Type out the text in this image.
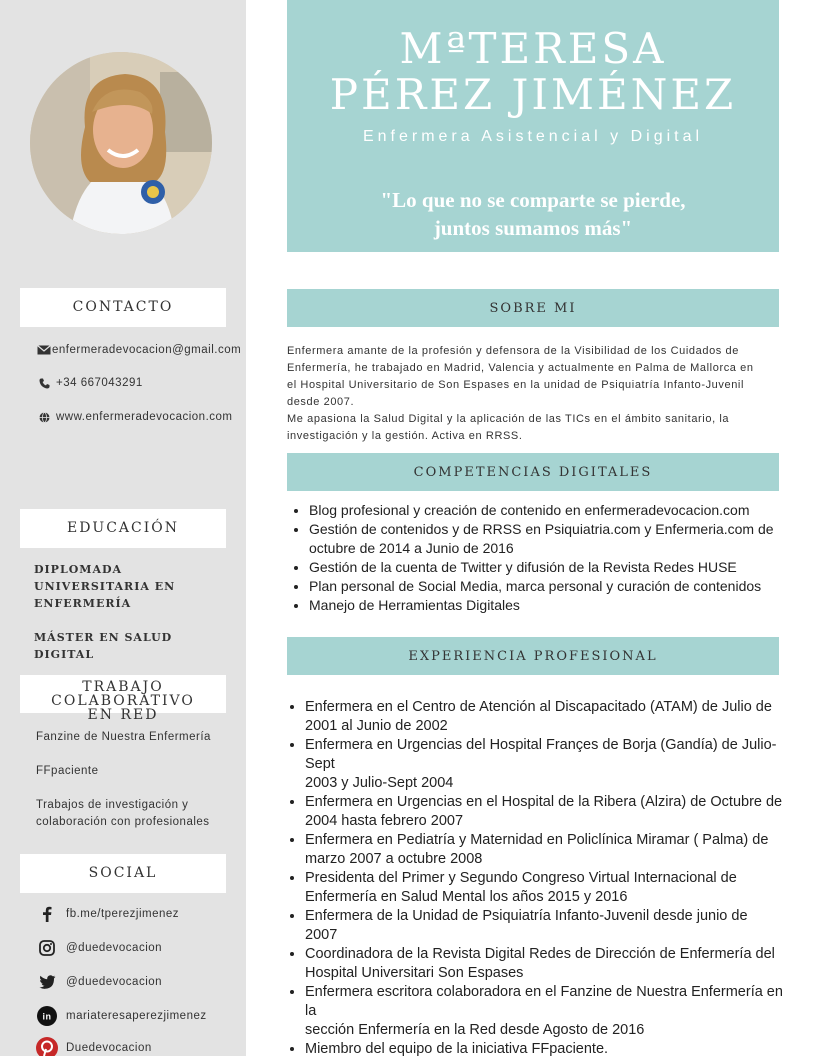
CONTACTO
enfermeradevocacion@gmail.com
+34 667043291
www.enfermeradevocacion.com
EDUCACIÓN
DIPLOMADA
UNIVERSITARIA EN
ENFERMERÍA
MÁSTER EN SALUD
DIGITAL
TRABAJO COLABORATIVO
EN RED
Fanzine de Nuestra Enfermería
FFpaciente
Trabajos de investigación y
colaboración con profesionales
SOCIAL
fb.me/tperezjimenez
@duedevocacion
@duedevocacion
in mariateresaperezjimenez
Duedevocacion
MªTERESA
PÉREZ JIMÉNEZ
Enfermera Asistencial y Digital
"Lo que no se comparte se pierde,
juntos sumamos más"
SOBRE MI
Enfermera amante de la profesión y defensora de la Visibilidad de los Cuidados de
Enfermería, he trabajado en Madrid, Valencia y actualmente en Palma de Mallorca en
el Hospital Universitario de Son Espases en la unidad de Psiquiatría Infanto-Juvenil
desde 2007.
Me apasiona la Salud Digital y la aplicación de las TICs en el ámbito sanitario, la
investigación y la gestión. Activa en RRSS.
COMPETENCIAS DIGITALES
• Blog profesional y creación de contenido en enfermeradevocacion.com
• Gestión de contenidos y de RRSS en Psiquiatria.com y Enfermeria.com de
octubre de 2014 a Junio de 2016
• Gestión de la cuenta de Twitter y difusión de la Revista Redes HUSE
• Plan personal de Social Media, marca personal y curación de contenidos
• Manejo de Herramientas Digitales
EXPERIENCIA PROFESIONAL
• Enfermera en el Centro de Atención al Discapacitado (ATAM) de Julio de
2001 al Junio de 2002
• Enfermera en Urgencias del Hospital Françes de Borja (Gandía) de Julio-Sept
2003 y Julio-Sept 2004
• Enfermera en Urgencias en el Hospital de la Ribera (Alzira) de Octubre de
2004 hasta febrero 2007
• Enfermera en Pediatría y Maternidad en Policlínica Miramar ( Palma) de
marzo 2007 a octubre 2008
• Presidenta del Primer y Segundo Congreso Virtual Internacional de
Enfermería en Salud Mental los años 2015 y 2016
• Enfermera de la Unidad de Psiquiatría Infanto-Juvenil desde junio de 2007
• Coordinadora de la Revista Digital Redes de Dirección de Enfermería del
Hospital Universitari Son Espases
• Enfermera escritora colaboradora en el Fanzine de Nuestra Enfermería en la
sección Enfermería en la Red desde Agosto de 2016
• Miembro del equipo de la iniciativa FFpaciente.
